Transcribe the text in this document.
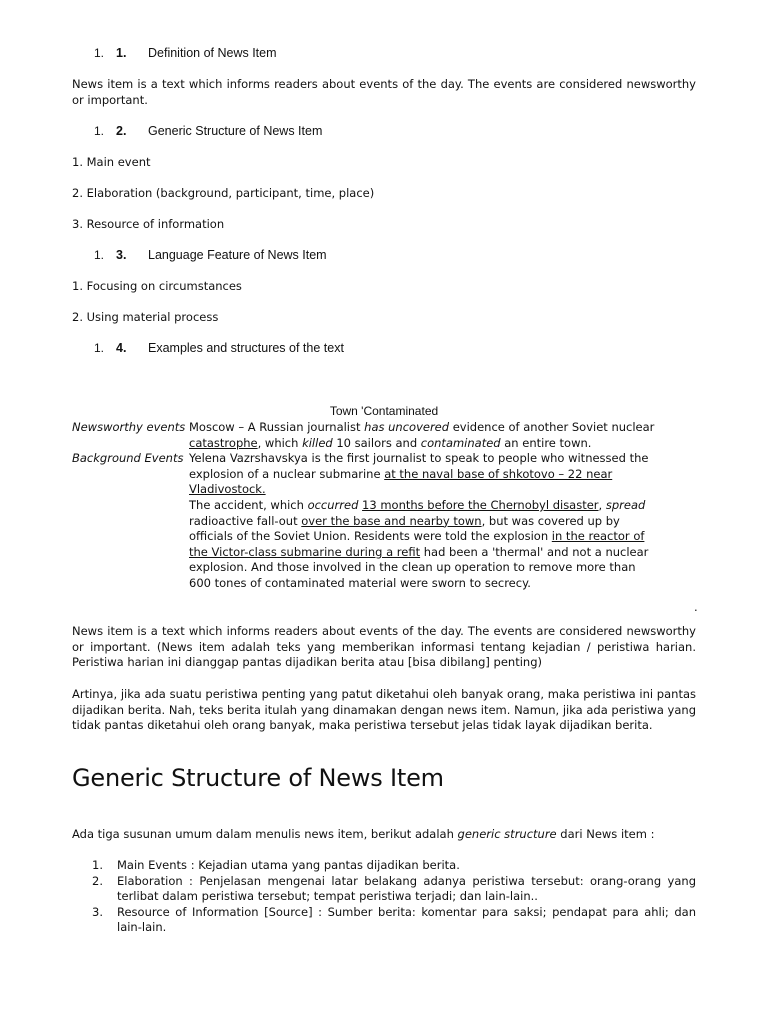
1. 1. Definition of News Item
News item is a text which informs readers about events of the day. The events are considered newsworthy or important.
1. 2. Generic Structure of News Item
1. Main event
2. Elaboration (background, participant, time, place)
3. Resource of information
1. 3. Language Feature of News Item
1. Focusing on circumstances
2. Using material process
1. 4. Examples and structures of the text
Town 'Contaminated
Newsworthy events
Background Events
Moscow – A Russian journalist has uncovered evidence of another Soviet nuclear catastrophe, which killed 10 sailors and contaminated an entire town.
Yelena Vazrshavskya is the first journalist to speak to people who witnessed the explosion of a nuclear submarine at the naval base of shkotovo – 22 near Vladivostock.
The accident, which occurred 13 months before the Chernobyl disaster, spread radioactive fall-out over the base and nearby town, but was covered up by officials of the Soviet Union. Residents were told the explosion in the reactor of the Victor-class submarine during a refit had been a 'thermal' and not a nuclear explosion. And those involved in the clean up operation to remove more than 600 tones of contaminated material were sworn to secrecy.
.
News item is a text which informs readers about events of the day. The events are considered newsworthy or important. (News item adalah teks yang memberikan informasi tentang kejadian / peristiwa harian. Peristiwa harian ini dianggap pantas dijadikan berita atau [bisa dibilang] penting)
Artinya, jika ada suatu peristiwa penting yang patut diketahui oleh banyak orang, maka peristiwa ini pantas dijadikan berita. Nah, teks berita itulah yang dinamakan dengan news item. Namun, jika ada peristiwa yang tidak pantas diketahui oleh orang banyak, maka peristiwa tersebut jelas tidak layak dijadikan berita.
Generic Structure of News Item
Ada tiga susunan umum dalam menulis news item, berikut adalah generic structure dari News item :
1. Main Events : Kejadian utama yang pantas dijadikan berita.
2. Elaboration : Penjelasan mengenai latar belakang adanya peristiwa tersebut: orang-orang yang terlibat dalam peristiwa tersebut; tempat peristiwa terjadi; dan lain-lain..
3. Resource of Information [Source] : Sumber berita: komentar para saksi; pendapat para ahli; dan lain-lain.
